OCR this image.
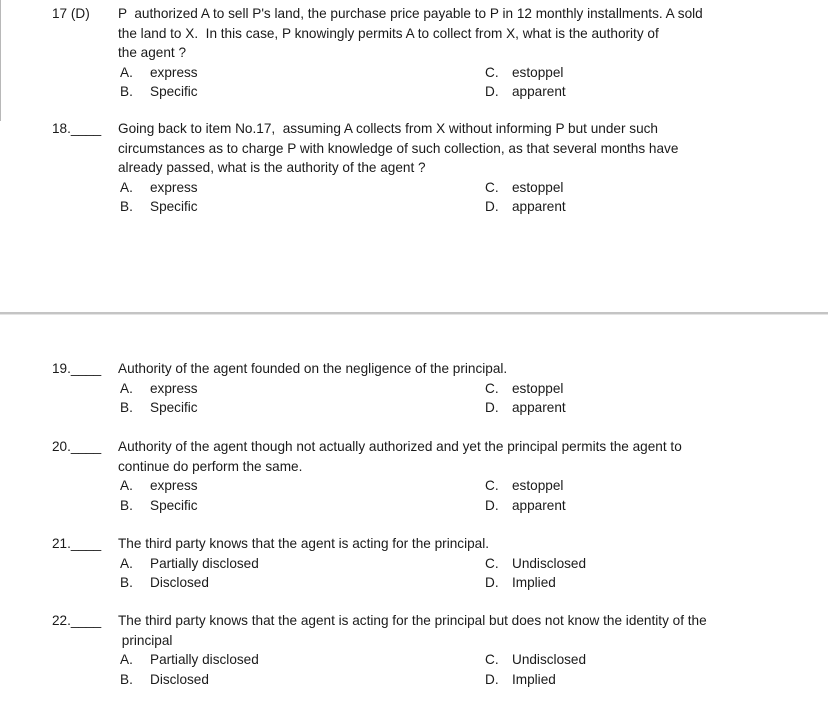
17 (D) P  authorized A to sell P's land, the purchase price payable to P in 12 monthly installments. A sold
the land to X.  In this case, P knowingly permits A to collect from X, what is the authority of
the agent ?
A. express	C. estoppel
B. Specific	D. apparent
18.____ Going back to item No.17,  assuming A collects from X without informing P but under such
circumstances as to charge P with knowledge of such collection, as that several months have
already passed, what is the authority of the agent ?
A. express	C. estoppel
B. Specific	D. apparent
19.____ Authority of the agent founded on the negligence of the principal.
A. express	C. estoppel
B. Specific	D. apparent
20.____ Authority of the agent though not actually authorized and yet the principal permits the agent to
continue do perform the same.
A. express	C. estoppel
B. Specific	D. apparent
21.____ The third party knows that the agent is acting for the principal.
A. Partially disclosed	C. Undisclosed
B. Disclosed	D. Implied
22.____ The third party knows that the agent is acting for the principal but does not know the identity of the
principal
A. Partially disclosed	C. Undisclosed
B. Disclosed	D. Implied
